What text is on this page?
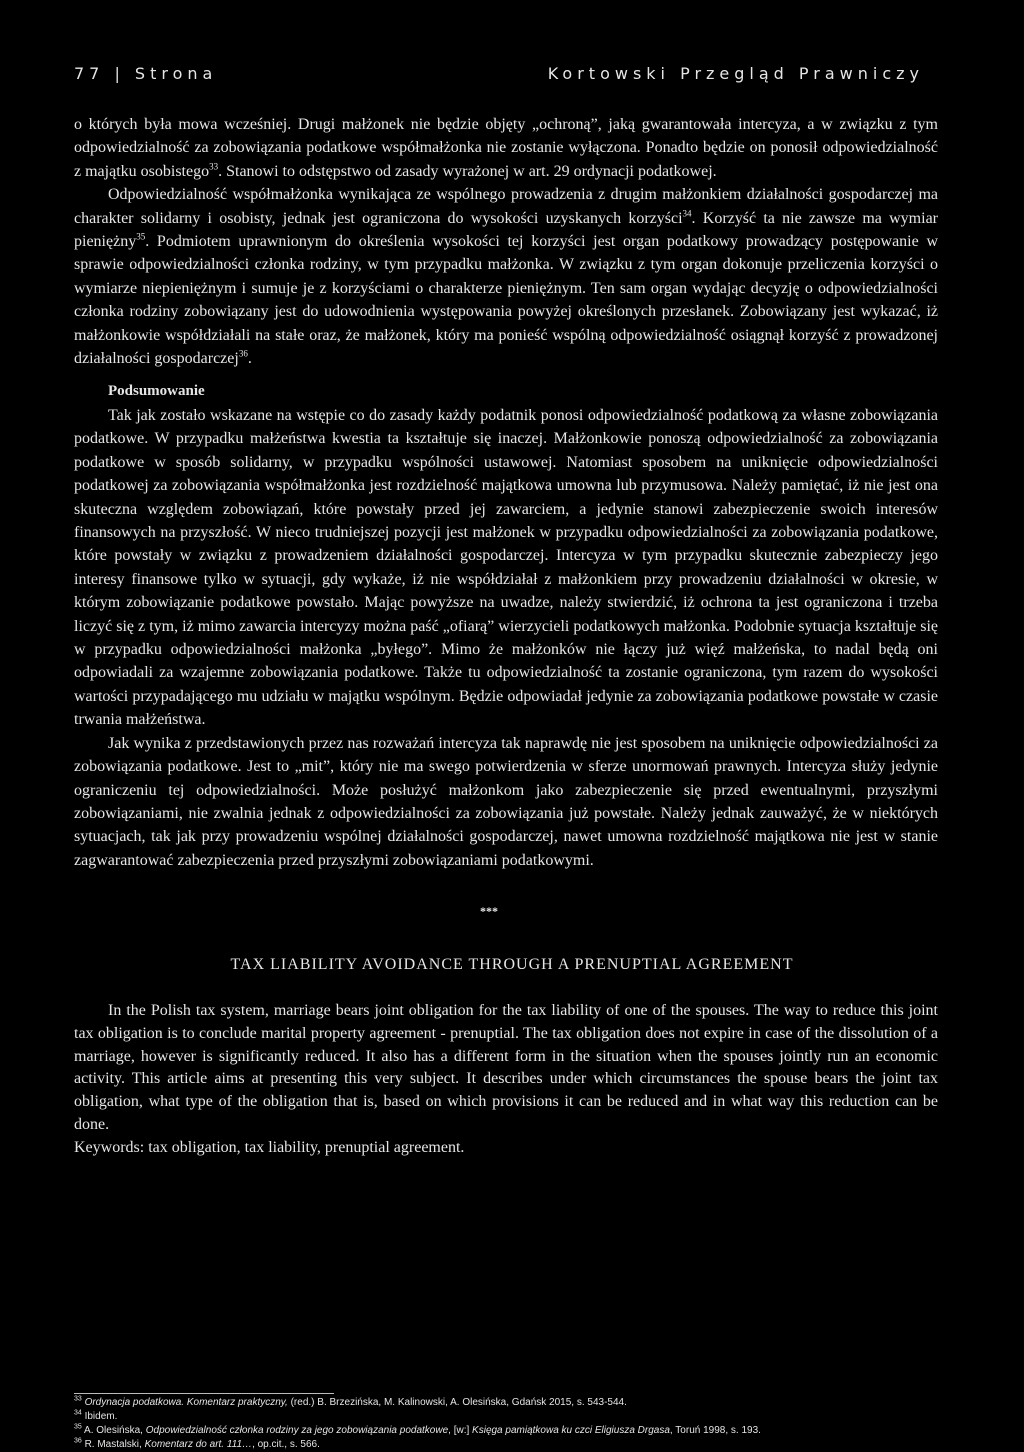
77 | Strona	Kortowski Przegląd Prawniczy

o których była mowa wcześniej. Drugi małżonek nie będzie objęty „ochroną”, jaką gwarantowała intercyza, a w związku z tym odpowiedzialność za zobowiązania podatkowe współmałżonka nie zostanie wyłączona. Ponadto będzie on ponosił odpowiedzialność z majątku osobistego$^{33}$. Stanowi to odstępstwo od zasady wyrażonej w art. 29 ordynacji podatkowej.

Odpowiedzialność współmałżonka wynikająca ze wspólnego prowadzenia z drugim małżonkiem działalności gospodarczej ma charakter solidarny i osobisty, jednak jest ograniczona do wysokości uzyskanych korzyści$^{34}$. Korzyść ta nie zawsze ma wymiar pieniężny$^{35}$. Podmiotem uprawnionym do określenia wysokości tej korzyści jest organ podatkowy prowadzący postępowanie w sprawie odpowiedzialności członka rodziny, w tym przypadku małżonka. W związku z tym organ dokonuje przeliczenia korzyści o wymiarze niepieniężnym i sumuje je z korzyściami o charakterze pieniężnym. Ten sam organ wydając decyzję o odpowiedzialności członka rodziny zobowiązany jest do udowodnienia występowania powyżej określonych przesłanek. Zobowiązany jest wykazać, iż małżonkowie współdziałali na stałe oraz, że małżonek, który ma ponieść wspólną odpowiedzialność osiągnął korzyść z prowadzonej działalności gospodarczej$^{36}$.

Podsumowanie

Tak jak zostało wskazane na wstępie co do zasady każdy podatnik ponosi odpowiedzialność podatkową za własne zobowiązania podatkowe. W przypadku małżeństwa kwestia ta kształtuje się inaczej. Małżonkowie ponoszą odpowiedzialność za zobowiązania podatkowe w sposób solidarny, w przypadku wspólności ustawowej. Natomiast sposobem na uniknięcie odpowiedzialności podatkowej za zobowiązania współmałżonka jest rozdzielność majątkowa umowna lub przymusowa. Należy pamiętać, iż nie jest ona skuteczna względem zobowiązań, które powstały przed jej zawarciem, a jedynie stanowi zabezpieczenie swoich interesów finansowych na przyszłość. W nieco trudniejszej pozycji jest małżonek w przypadku odpowiedzialności za zobowiązania podatkowe, które powstały w związku z prowadzeniem działalności gospodarczej. Intercyza w tym przypadku skutecznie zabezpieczy jego interesy finansowe tylko w sytuacji, gdy wykaże, iż nie współdziałał z małżonkiem przy prowadzeniu działalności w okresie, w którym zobowiązanie podatkowe powstało. Mając powyższe na uwadze, należy stwierdzić, iż ochrona ta jest ograniczona i trzeba liczyć się z tym, iż mimo zawarcia intercyzy można paść „ofiarą” wierzycieli podatkowych małżonka. Podobnie sytuacja kształtuje się w przypadku odpowiedzialności małżonka „byłego”. Mimo że małżonków nie łączy już więź małżeńska, to nadal będą oni odpowiadali za wzajemne zobowiązania podatkowe. Także tu odpowiedzialność ta zostanie ograniczona, tym razem do wysokości wartości przypadającego mu udziału w majątku wspólnym. Będzie odpowiadał jedynie za zobowiązania podatkowe powstałe w czasie trwania małżeństwa.

Jak wynika z przedstawionych przez nas rozważań intercyza tak naprawdę nie jest sposobem na uniknięcie odpowiedzialności za zobowiązania podatkowe. Jest to „mit”, który nie ma swego potwierdzenia w sferze unormowań prawnych. Intercyza służy jedynie ograniczeniu tej odpowiedzialności. Może posłużyć małżonkom jako zabezpieczenie się przed ewentualnymi, przyszłymi zobowiązaniami, nie zwalnia jednak z odpowiedzialności za zobowiązania już powstałe. Należy jednak zauważyć, że w niektórych sytuacjach, tak jak przy prowadzeniu wspólnej działalności gospodarczej, nawet umowna rozdzielność majątkowa nie jest w stanie zagwarantować zabezpieczenia przed przyszłymi zobowiązaniami podatkowymi.

***
TAX LIABILITY AVOIDANCE THROUGH A PRENUPTIAL AGREEMENT

In the Polish tax system, marriage bears joint obligation for the tax liability of one of the spouses. The way to reduce this joint tax obligation is to conclude marital property agreement - prenuptial. The tax obligation does not expire in case of the dissolution of a marriage, however is significantly reduced. It also has a different form in the situation when the spouses jointly run an economic activity. This article aims at presenting this very subject. It describes under which circumstances the spouse bears the joint tax obligation, what type of the obligation that is, based on which provisions it can be reduced and in what way this reduction can be done.

Keywords: tax obligation, tax liability, prenuptial agreement.

$^{33}$ Ordynacja podatkowa. Komentarz praktyczny, (red.) B. Brzezińska, M. Kalinowski, A. Olesińska, Gdańsk 2015, s. 543-544.
$^{34}$ Ibidem.
$^{35}$ A. Olesińska, Odpowiedzialność członka rodziny za jego zobowiązania podatkowe, [w:] Księga pamiątkowa ku czci Eligiusza Drgasa, Toruń 1998, s. 193.
$^{36}$ R. Mastalski, Komentarz do art. 111…, op.cit., s. 566.
